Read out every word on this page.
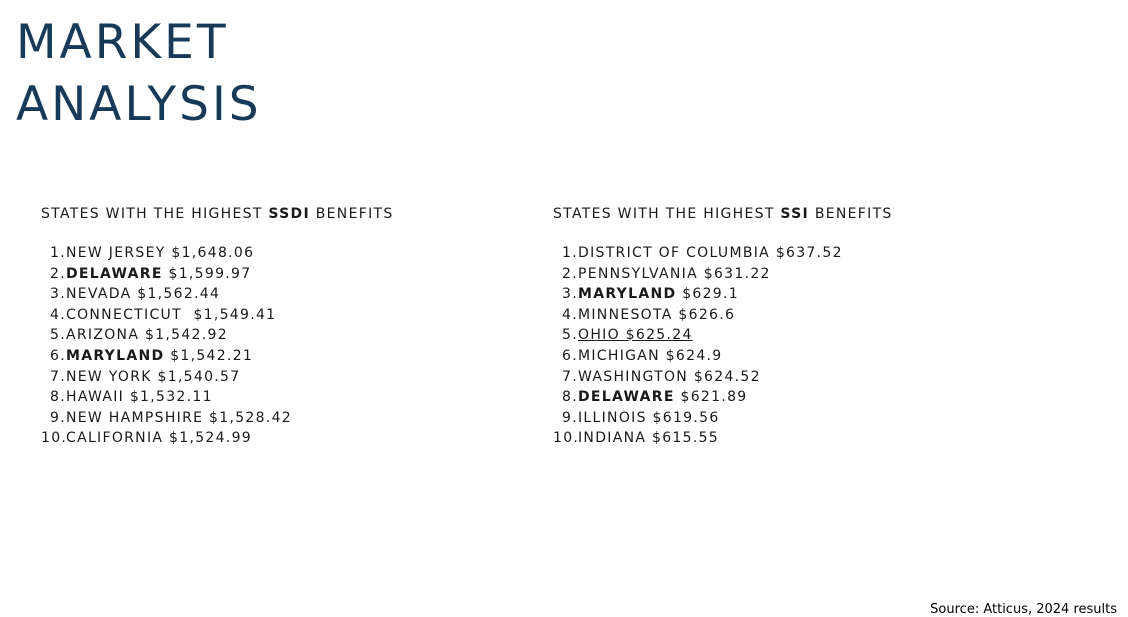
MARKET
ANALYSIS
STATES WITH THE HIGHEST SSDI BENEFITS
1. NEW JERSEY $1,648.06
2. DELAWARE $1,599.97
3. NEVADA $1,562.44
4. CONNECTICUT  $1,549.41
5. ARIZONA $1,542.92
6. MARYLAND $1,542.21
7. NEW YORK $1,540.57
8. HAWAII $1,532.11
9. NEW HAMPSHIRE $1,528.42
10.
CALIFORNIA $1,524.99
STATES WITH THE HIGHEST SSI BENEFITS
1. DISTRICT OF COLUMBIA $637.52
2. PENNSYLVANIA $631.22
3. MARYLAND $629.1
4. MINNESOTA $626.6
5. OHIO $625.24
6. MICHIGAN $624.9
7. WASHINGTON $624.52
8. DELAWARE $621.89
9. ILLINOIS $619.56
10.
INDIANA $615.55
Source: Atticus, 2024 results
